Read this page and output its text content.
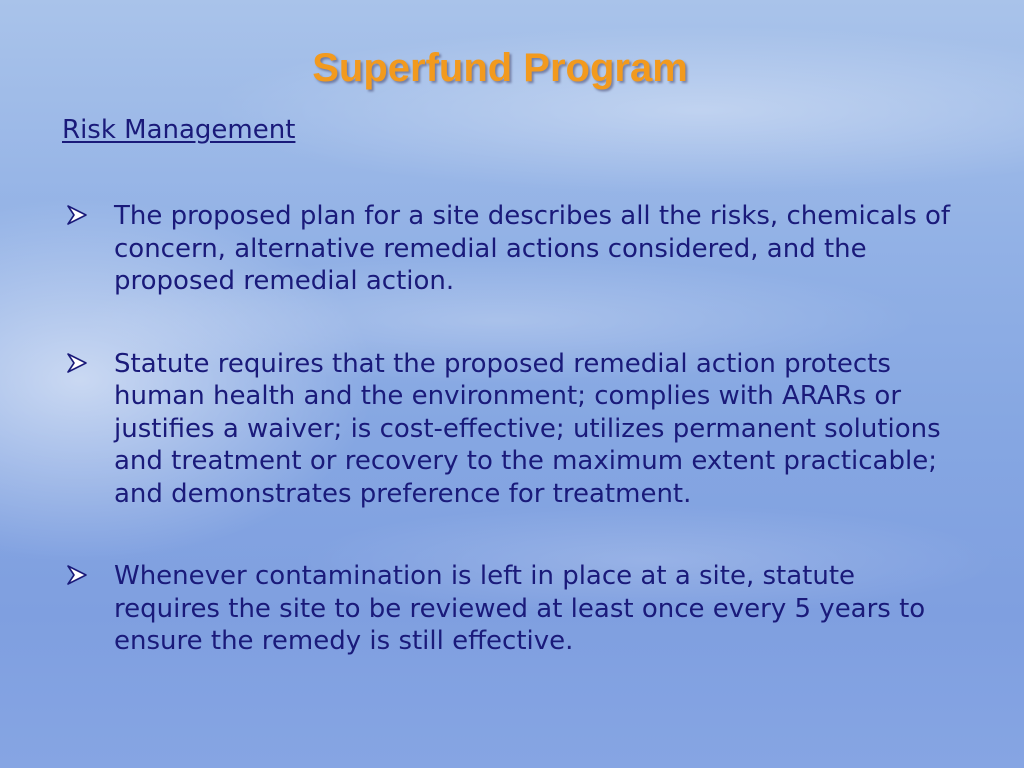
Superfund Program
Risk Management
The proposed plan for a site describes all the risks, chemicals of concern, alternative remedial actions considered, and the proposed remedial action.
Statute requires that the proposed remedial action protects human health and the environment; complies with ARARs or justifies a waiver; is cost-effective; utilizes permanent solutions and treatment or recovery to the maximum extent practicable; and demonstrates preference for treatment.
Whenever contamination is left in place at a site, statute requires the site to be reviewed at least once every 5 years to ensure the remedy is still effective.
